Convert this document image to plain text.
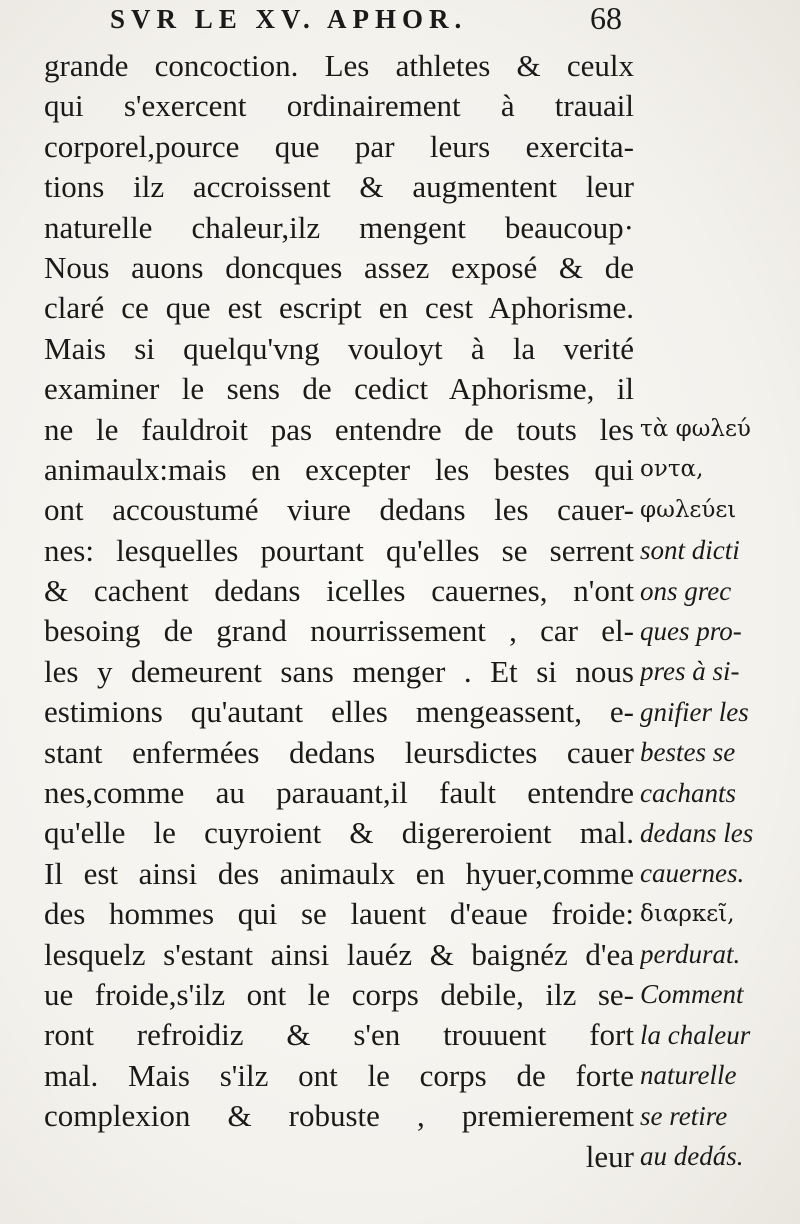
SVR LE XV. APHOR.	68
grande concoction. Les athletes & ceulx
qui s'exercent ordinairement à trauail
corporel,pource que par leurs exercita-
tions ilz accroissent & augmentent leur
naturelle chaleur,ilz mengent beaucoup·
Nous auons doncques assez exposé & de
claré ce que est escript en cest Aphorisme.
Mais si quelqu'vng vouloyt à la verité
examiner le sens de cedict Aphorisme, il
ne le fauldroit pas entendre de touts les
animaulx:mais en excepter les bestes qui
ont accoustumé viure dedans les cauer-
nes: lesquelles pourtant qu'elles se serrent
& cachent dedans icelles cauernes, n'ont
besoing de grand nourrissement , car el-
les y demeurent sans menger . Et si nous
estimions qu'autant elles mengeassent, e-
stant enfermées dedans leursdictes cauer
nes,comme au parauant,il fault entendre
qu'elle le cuyroient & digereroient mal.
Il est ainsi des animaulx en hyuer,comme
des hommes qui se lauent d'eaue froide:
lesquelz s'estant ainsi lauéz & baignéz d'ea
ue froide,s'ilz ont le corps debile, ilz se-
ront refroidiz & s'en trouuent fort
mal. Mais s'ilz ont le corps de forte
complexion & robuste , premierement
leur
τὰ φωλεύ
οντα,
φωλεύει
sont dicti
ons grec
ques pro-
pres à si-
gnifier les
bestes se
cachants
dedans les
cauernes.
διαρκεῖ,
perdurat.
Comment
la chaleur
naturelle
se retire
au dedás.
